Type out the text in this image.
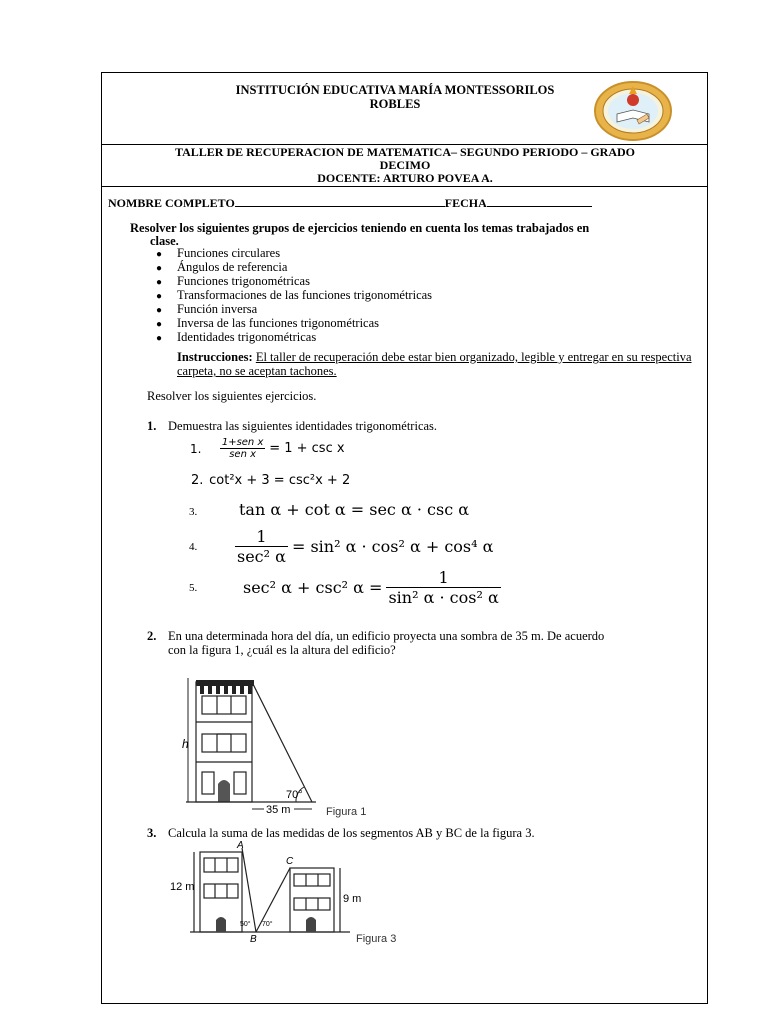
INSTITUCIÓN EDUCATIVA MARÍA MONTESSORILOS
ROBLES
TALLER DE RECUPERACION DE MATEMATICA– SEGUNDO PERIODO – GRADO
DECIMO
DOCENTE: ARTURO POVEA A.
NOMBRE COMPLETO	FECHA
Resolver los siguientes grupos de ejercicios teniendo en cuenta los temas trabajados en
clase.
● Funciones circulares
● Ángulos de referencia
● Funciones trigonométricas
● Transformaciones de las funciones trigonométricas
● Función inversa
● Inversa de las funciones trigonométricas
● Identidades trigonométricas
Instrucciones: El taller de recuperación debe estar bien organizado, legible y entregar en su respectiva carpeta, no se aceptan tachones.
Resolver los siguientes ejercicios.
1. Demuestra las siguientes identidades trigonométricas.
1. $\frac{\text{1+sen x}}{\text{sen x}} = 1 + \csc x$
2. cot²x + 3 = csc²x + 2
3.	tan α + cot α = sec α · csc α
4. $\frac{1}{\text{sec² α}} = \sin^2$ α · cos² α + cos⁴ α
5.	sec² α + csc² $\alpha = \frac{1}{\text{sin² α · cos² α}}$
2. En una determinada hora del día, un edificio proyecta una sombra de 35 m. De acuerdo
con la figura 1, ¿cuál es la altura del edificio?
h
70°
35 m	Figura 1
3. Calcula la suma de las medidas de los segmentos AB y BC de la figura 3.
12 m
9 m
A
B
C
50° 70°
Figura 3
